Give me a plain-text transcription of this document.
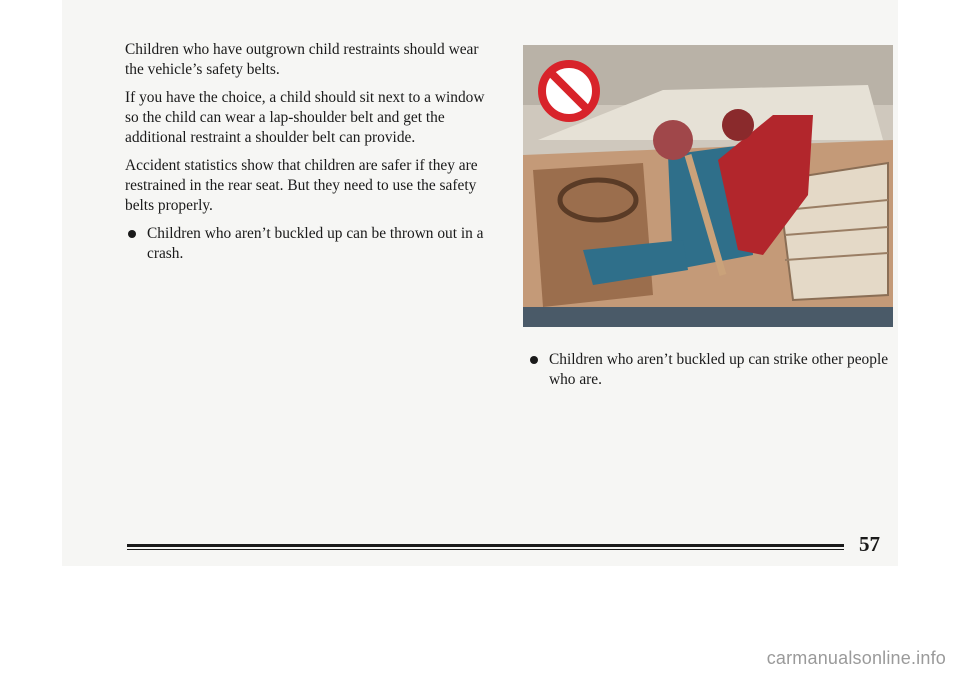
Children who have outgrown child restraints should wear the vehicle’s safety belts.

If you have the choice, a child should sit next to a window so the child can wear a lap-shoulder belt and get the additional restraint a shoulder belt can provide.

Accident statistics show that children are safer if they are restrained in the rear seat. But they need to use the safety belts properly.

Children who aren’t buckled up can be thrown out in a crash.
Children who aren’t buckled up can strike other people who are.
57
carmanualsonline.info
